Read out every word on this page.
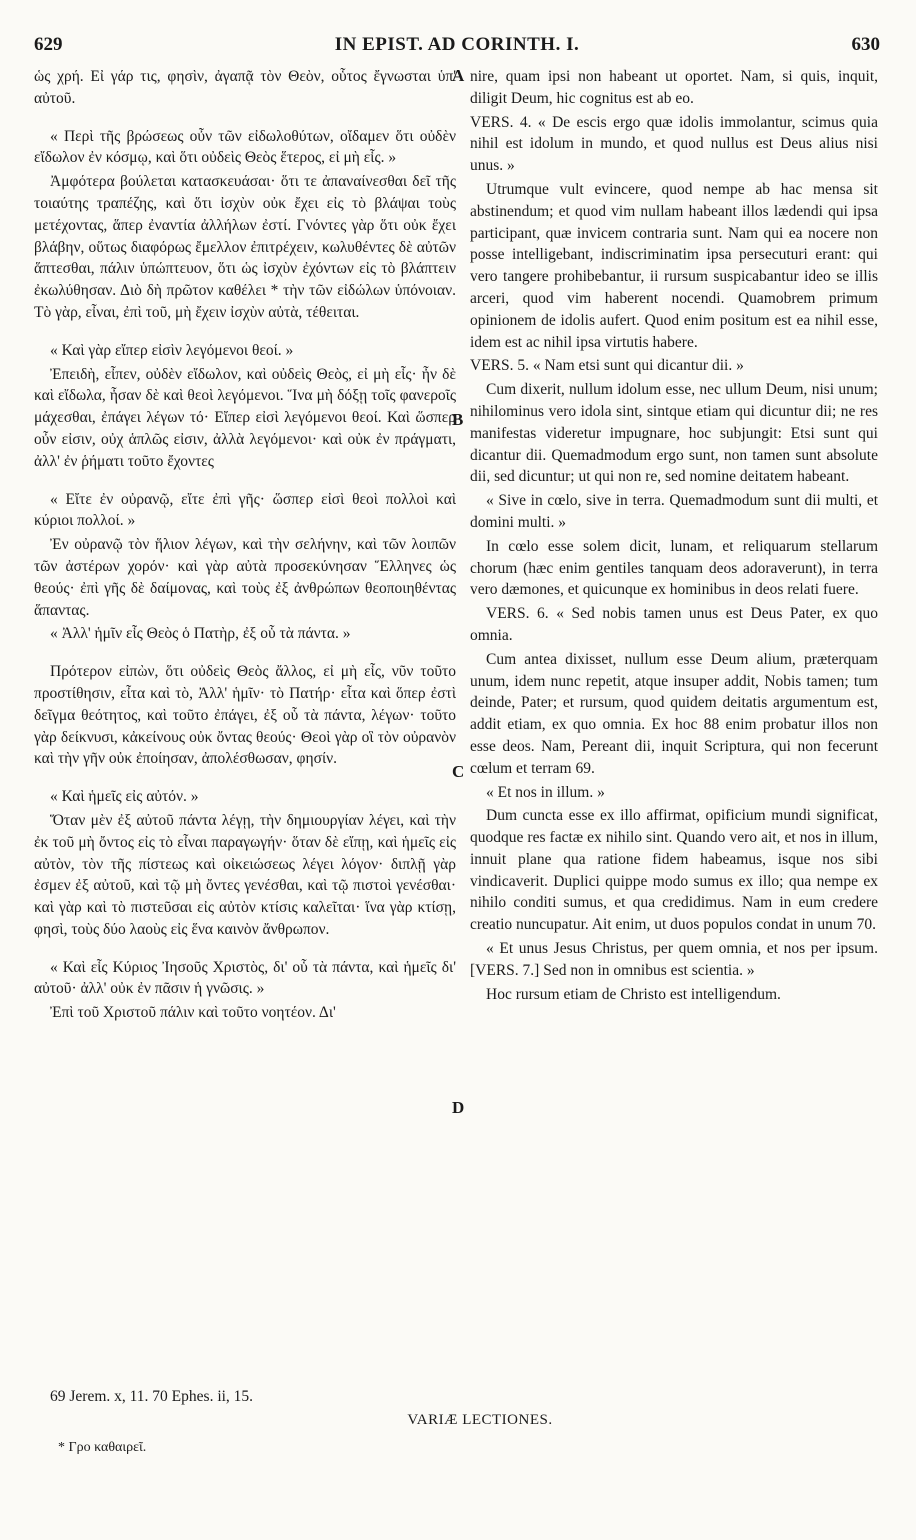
629	IN EPIST. AD CORINTH. I.	630

ὡς χρή. Εἰ γάρ τις, φησὶν, ἀγαπᾷ τὸν Θεὸν, οὗτος ἔγνωσται ὑπ' αὐτοῦ.

« Περὶ τῆς βρώσεως οὖν τῶν εἰδωλοθύτων, οἴδαμεν ὅτι οὐδὲν εἴδωλον ἐν κόσμῳ, καὶ ὅτι οὐδεὶς Θεὸς ἕτερος, εἰ μὴ εἷς. »

Ἀμφότερα βούλεται κατασκευάσαι· ὅτι τε ἀπαναίνεσθαι δεῖ τῆς τοιαύτης τραπέζης, καὶ ὅτι ἰσχὺν οὐκ ἔχει εἰς τὸ βλάψαι τοὺς μετέχοντας, ἅπερ ἐναντία ἀλλήλων ἐστί. Γνόντες γὰρ ὅτι οὐκ ἔχει βλάβην, οὕτως διαφόρως ἔμελλον ἐπιτρέχειν, κωλυθέντες δὲ αὐτῶν ἅπτεσθαι, πάλιν ὑπώπτευον, ὅτι ὡς ἰσχὺν ἐχόντων εἰς τὸ βλάπτειν ἐκωλύθησαν. Διὸ δὴ πρῶτον καθέλει * τὴν τῶν εἰδώλων ὑπόνοιαν. Τὸ γὰρ, εἶναι, ἐπὶ τοῦ, μὴ ἔχειν ἰσχὺν αὐτὰ, τέθειται.

« Καὶ γὰρ εἴπερ εἰσὶν λεγόμενοι θεοί. »

Ἐπειδὴ, εἶπεν, οὐδὲν εἴδωλον, καὶ οὐδεὶς Θεὸς, εἰ μὴ εἷς· ἦν δὲ καὶ εἴδωλα, ἦσαν δὲ καὶ θεοὶ λεγόμενοι. Ἵνα μὴ δόξῃ τοῖς φανεροῖς μάχεσθαι, ἐπάγει λέγων τό· Εἴπερ εἰσὶ λεγόμενοι θεοί. Καὶ ὥσπερ οὖν εἰσιν, οὐχ ἁπλῶς εἰσιν, ἀλλὰ λεγόμενοι· καὶ οὐκ ἐν πράγματι, ἀλλ' ἐν ῥήματι τοῦτο ἔχοντες

« Εἴτε ἐν οὐρανῷ, εἴτε ἐπὶ γῆς· ὥσπερ εἰσὶ θεοὶ πολλοὶ καὶ κύριοι πολλοί. »

Ἐν οὐρανῷ τὸν ἥλιον λέγων, καὶ τὴν σελήνην, καὶ τῶν λοιπῶν τῶν ἀστέρων χορόν· καὶ γὰρ αὐτὰ προσεκύνησαν Ἕλληνες ὡς θεούς· ἐπὶ γῆς δὲ δαίμονας, καὶ τοὺς ἐξ ἀνθρώπων θεοποιηθέντας ἅπαντας.

« Ἀλλ' ἡμῖν εἷς Θεὸς ὁ Πατὴρ, ἐξ οὗ τὰ πάντα. »

Πρότερον εἰπὼν, ὅτι οὐδεὶς Θεὸς ἄλλος, εἰ μὴ εἷς, νῦν τοῦτο προστίθησιν, εἶτα καὶ τὸ, Ἀλλ' ἡμῖν· τὸ Πατήρ· εἶτα καὶ ὅπερ ἐστὶ δεῖγμα θεότητος, καὶ τοῦτο ἐπάγει, ἐξ οὗ τὰ πάντα, λέγων· τοῦτο γὰρ δείκνυσι, κἀκείνους οὐκ ὄντας θεούς· Θεοὶ γὰρ οἳ τὸν οὐρανὸν καὶ τὴν γῆν οὐκ ἐποίησαν, ἀπολέσθωσαν, φησίν.

« Καὶ ἡμεῖς εἰς αὐτόν. »

Ὅταν μὲν ἐξ αὐτοῦ πάντα λέγῃ, τὴν δημιουργίαν λέγει, καὶ τὴν ἐκ τοῦ μὴ ὄντος εἰς τὸ εἶναι παραγωγήν· ὅταν δὲ εἴπῃ, καὶ ἡμεῖς εἰς αὐτὸν, τὸν τῆς πίστεως καὶ οἰκειώσεως λέγει λόγον· διπλῇ γὰρ ἐσμεν ἐξ αὐτοῦ, καὶ τῷ μὴ ὄντες γενέσθαι, καὶ τῷ πιστοὶ γενέσθαι· καὶ γὰρ καὶ τὸ πιστεῦσαι εἰς αὐτὸν κτίσις καλεῖται· ἵνα γὰρ κτίσῃ, φησὶ, τοὺς δύο λαοὺς εἰς ἕνα καινὸν ἄνθρωπον.

« Καὶ εἷς Κύριος Ἰησοῦς Χριστὸς, δι' οὗ τὰ πάντα, καὶ ἡμεῖς δι' αὐτοῦ· ἀλλ' οὐκ ἐν πᾶσιν ἡ γνῶσις. »

Ἐπὶ τοῦ Χριστοῦ πάλιν καὶ τοῦτο νοητέον. Δι'

A
B
C
D

nire, quam ipsi non habeant ut oportet. Nam, si quis, inquit, diligit Deum, hic cognitus est ab eo.

VERS. 4. « De escis ergo quæ idolis immolantur, scimus quia nihil est idolum in mundo, et quod nullus est Deus alius nisi unus. »

Utrumque vult evincere, quod nempe ab hac mensa sit abstinendum; et quod vim nullam habeant illos lædendi qui ipsa participant, quæ invicem contraria sunt. Nam qui ea nocere non posse intelligebant, indiscriminatim ipsa persecuturi erant: qui vero tangere prohibebantur, ii rursum suspicabantur ideo se illis arceri, quod vim haberent nocendi. Quamobrem primum opinionem de idolis aufert. Quod enim positum est ea nihil esse, idem est ac nihil ipsa virtutis habere.

VERS. 5. « Nam etsi sunt qui dicantur dii. »

Cum dixerit, nullum idolum esse, nec ullum Deum, nisi unum; nihilominus vero idola sint, sintque etiam qui dicuntur dii; ne res manifestas videretur impugnare, hoc subjungit: Etsi sunt qui dicantur dii. Quemadmodum ergo sunt, non tamen sunt absolute dii, sed dicuntur; ut qui non re, sed nomine deitatem habeant.

« Sive in cœlo, sive in terra. Quemadmodum sunt dii multi, et domini multi. »

In cœlo esse solem dicit, lunam, et reliquarum stellarum chorum (hæc enim gentiles tanquam deos adoraverunt), in terra vero dæmones, et quicunque ex hominibus in deos relati fuere.

VERS. 6. « Sed nobis tamen unus est Deus Pater, ex quo omnia.

Cum antea dixisset, nullum esse Deum alium, præterquam unum, idem nunc repetit, atque insuper addit, Nobis tamen; tum deinde, Pater; et rursum, quod quidem deitatis argumentum est, addit etiam, ex quo omnia. Ex hoc 88 enim probatur illos non esse deos. Nam, Pereant dii, inquit Scriptura, qui non fecerunt cœlum et terram 69.

« Et nos in illum. »

Dum cuncta esse ex illo affirmat, opificium mundi significat, quodque res factæ ex nihilo sint. Quando vero ait, et nos in illum, innuit plane qua ratione fidem habeamus, isque nos sibi vindicaverit. Duplici quippe modo sumus ex illo; qua nempe ex nihilo conditi sumus, et qua credidimus. Nam in eum credere creatio nuncupatur. Ait enim, ut duos populos condat in unum 70.

« Et unus Jesus Christus, per quem omnia, et nos per ipsum. [VERS. 7.] Sed non in omnibus est scientia. »

Hoc rursum etiam de Christo est intelligendum.

69 Jerem. x, 11. 70 Ephes. ii, 15.
VARIÆ LECTIONES.
* Γρο καθαιρεῖ.
